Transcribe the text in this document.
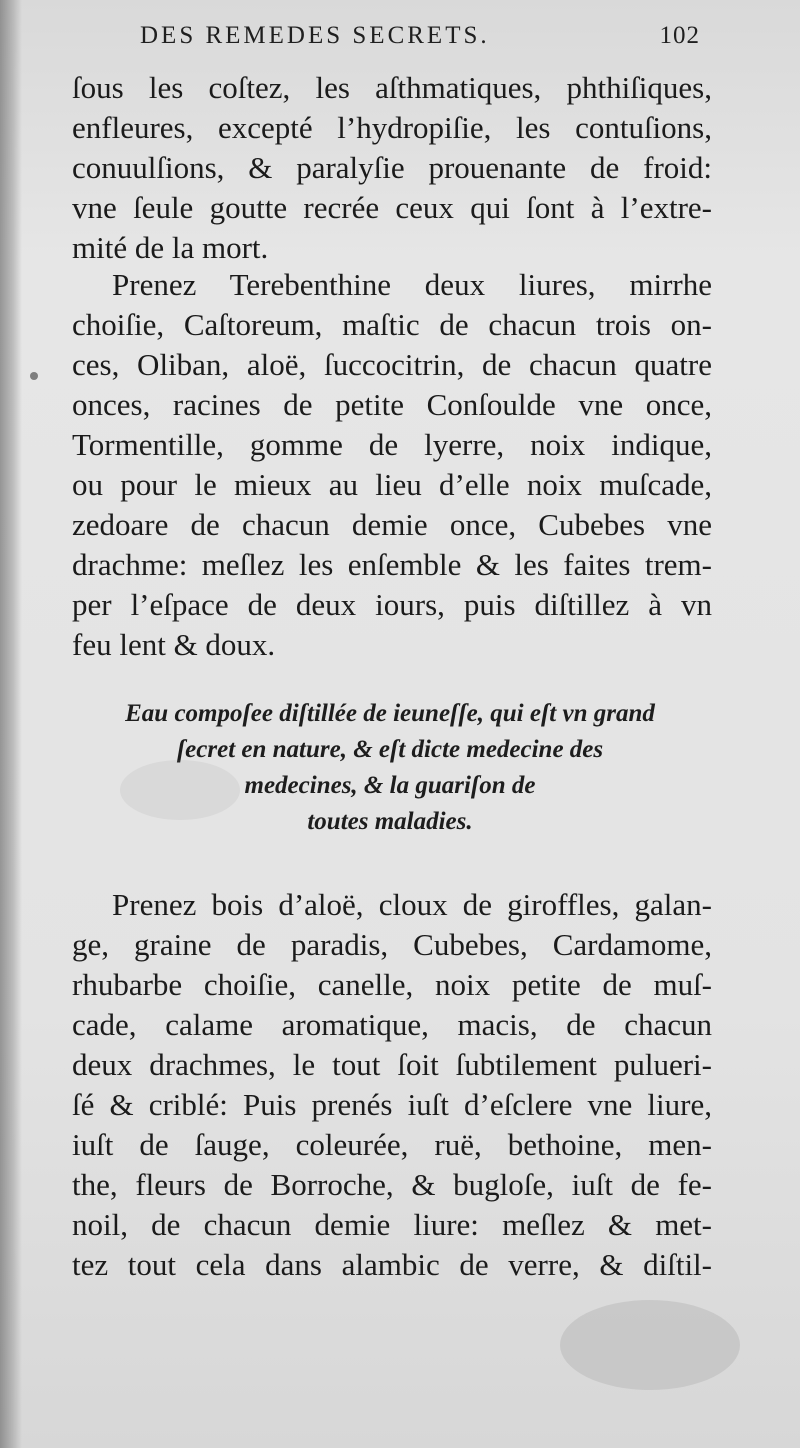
DES REMEDES SECRETS.	102
ſous les coſtez, les aſthmatiques, phthiſiques,
enfleures, excepté l’hydropiſie, les contuſions,
conuulſions, & paralyſie prouenante de froid:
vne ſeule goutte recrée ceux qui ſont à l’extre-
mité de la mort.
Prenez Terebenthine deux liures, mirrhe
choiſie, Caſtoreum, maſtic de chacun trois on-
ces, Oliban, aloë, ſuccocitrin, de chacun quatre
onces, racines de petite Conſoulde vne once,
Tormentille, gomme de lyerre, noix indique,
ou pour le mieux au lieu d’elle noix muſcade,
zedoare de chacun demie once, Cubebes vne
drachme: meſlez les enſemble & les faites trem-
per l’eſpace de deux iours, puis diſtillez à vn
feu lent & doux.
Eau compoſee diſtillée de ieuneſſe, qui eſt vn grand
ſecret en nature, & eſt dicte medecine des
medecines, & la guariſon de
toutes maladies.
Prenez bois d’aloë, cloux de giroffles, galan-
ge, graine de paradis, Cubebes, Cardamome,
rhubarbe choiſie, canelle, noix petite de muſ-
cade, calame aromatique, macis, de chacun
deux drachmes, le tout ſoit ſubtilement pulueri-
ſé & criblé: Puis prenés iuſt d’eſclere vne liure,
iuſt de ſauge, coleurée, ruë, bethoine, men-
the, fleurs de Borroche, & bugloſe, iuſt de fe-
noil, de chacun demie liure: meſlez & met-
tez tout cela dans alambic de verre, & diſtil-
